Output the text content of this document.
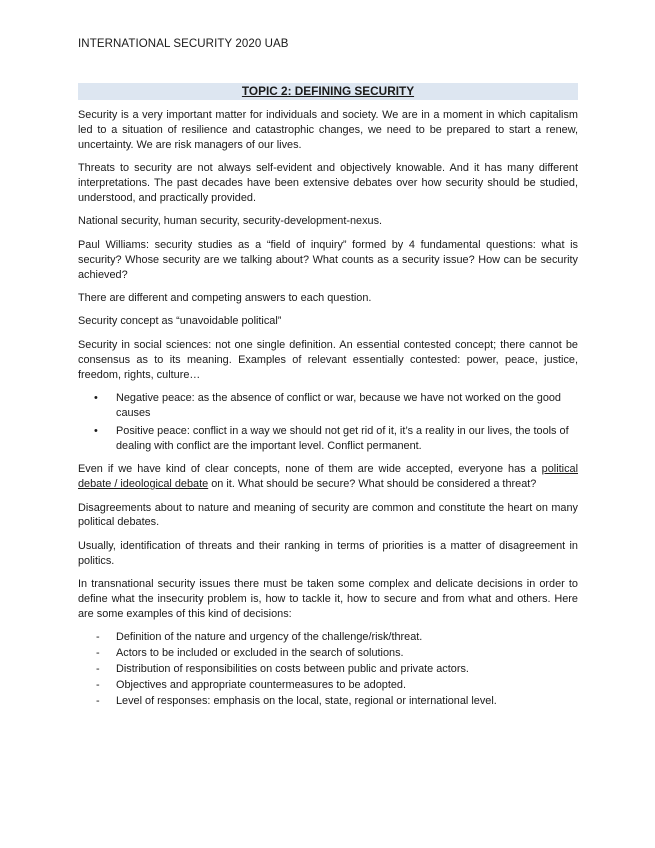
INTERNATIONAL SECURITY 2020 UAB
TOPIC 2: DEFINING SECURITY

Security is a very important matter for individuals and society. We are in a moment in which capitalism led to a situation of resilience and catastrophic changes, we need to be prepared to start a renew, uncertainty. We are risk managers of our lives.

Threats to security are not always self-evident and objectively knowable. And it has many different interpretations. The past decades have been extensive debates over how security should be studied, understood, and practically provided.

National security, human security, security-development-nexus.

Paul Williams: security studies as a “field of inquiry” formed by 4 fundamental questions: what is security? Whose security are we talking about? What counts as a security issue? How can be security achieved?

There are different and competing answers to each question.

Security concept as “unavoidable political”

Security in social sciences: not one single definition. An essential contested concept; there cannot be consensus as to its meaning. Examples of relevant essentially contested: power, peace, justice, freedom, rights, culture…

• Negative peace: as the absence of conflict or war, because we have not worked on the good causes
• Positive peace: conflict in a way we should not get rid of it, it’s a reality in our lives, the tools of dealing with conflict are the important level. Conflict permanent.

Even if we have kind of clear concepts, none of them are wide accepted, everyone has a political debate / ideological debate on it. What should be secure? What should be considered a threat?

Disagreements about to nature and meaning of security are common and constitute the heart on many political debates.

Usually, identification of threats and their ranking in terms of priorities is a matter of disagreement in politics.

In transnational security issues there must be taken some complex and delicate decisions in order to define what the insecurity problem is, how to tackle it, how to secure and from what and others. Here are some examples of this kind of decisions:

- Definition of the nature and urgency of the challenge/risk/threat.
- Actors to be included or excluded in the search of solutions.
- Distribution of responsibilities on costs between public and private actors.
- Objectives and appropriate countermeasures to be adopted.
- Level of responses: emphasis on the local, state, regional or international level.
